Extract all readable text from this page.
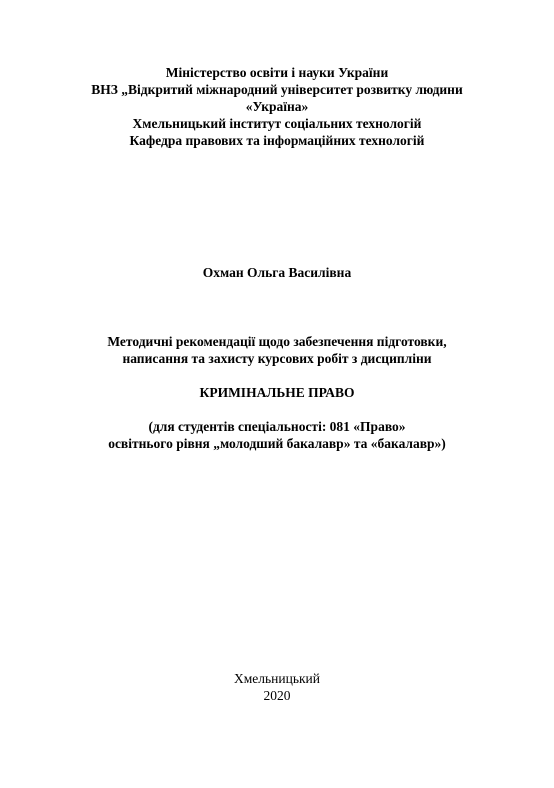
Міністерство освіти і науки України
ВНЗ „Відкритий міжнародний університет розвитку людини
«Україна»
Хмельницький інститут соціальних технологій
Кафедра правових та інформаційних технологій
Охман Ольга Василівна
Методичні рекомендації щодо забезпечення підготовки,
написання та захисту курсових робіт з дисципліни
КРИМІНАЛЬНЕ ПРАВО
(для студентів спеціальності: 081 «Право»
освітнього рівня „молодший бакалавр» та «бакалавр»)
Хмельницький
2020
